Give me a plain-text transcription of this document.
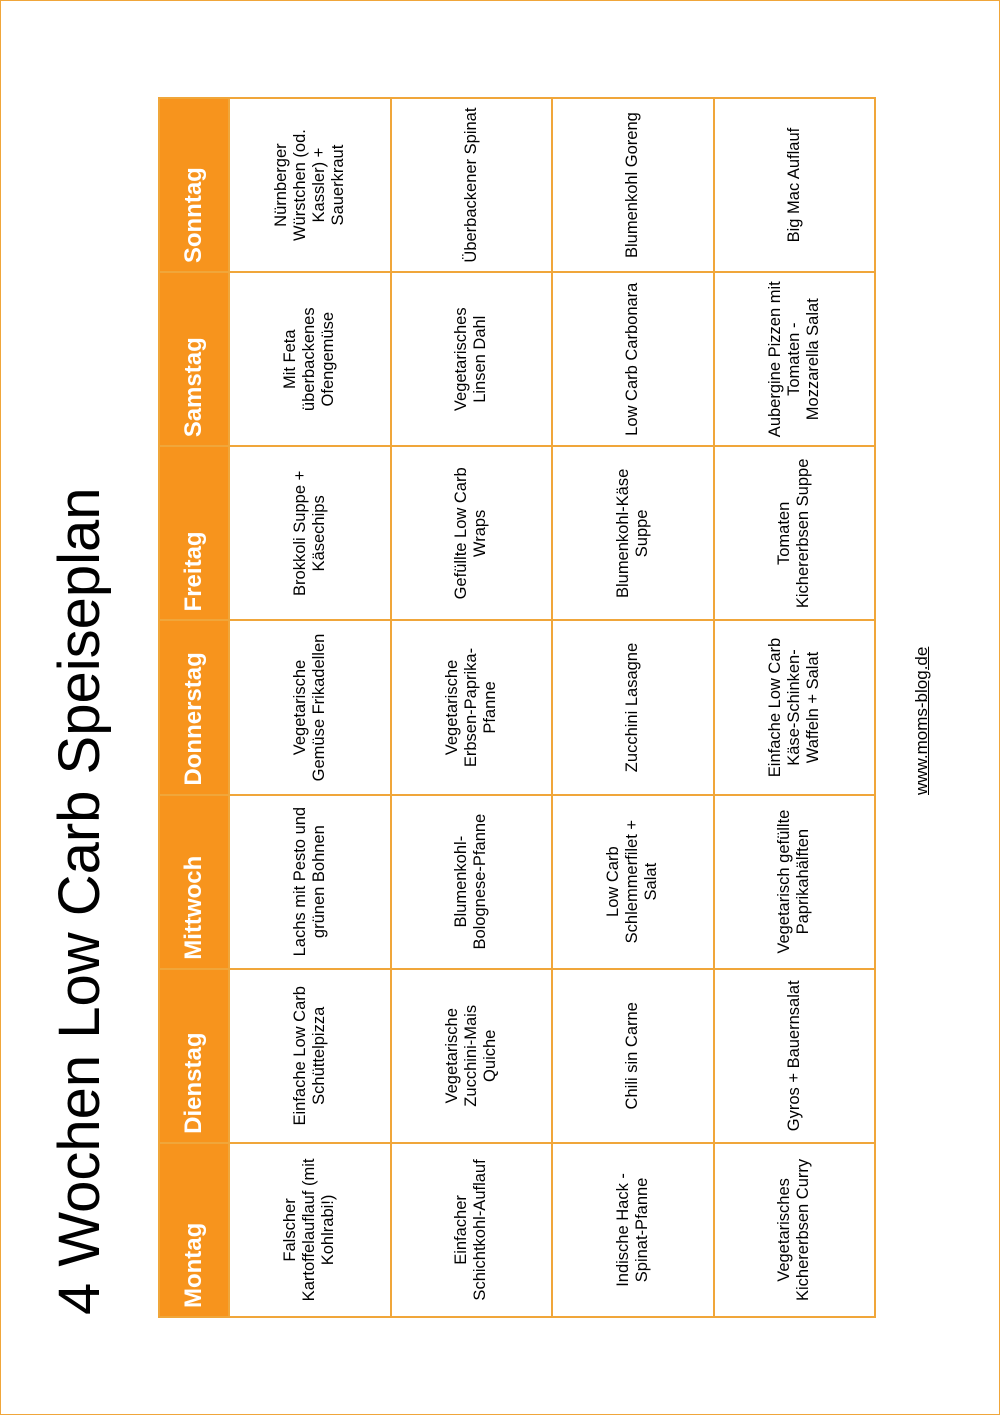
4 Wochen Low Carb Speiseplan	Montag	Dienstag	Mittwoch	Donnerstag	Freitag	Samstag	Sonntag
Falscher Kartoffelauflauf (mit Kohlrabi!)	Einfache Low Carb Schüttelpizza	Lachs mit Pesto und grünen Bohnen	Vegetarische Gemüse Frikadellen	Brokkoli Suppe + Käsechips	Mit Feta überbackenes Ofengemüse	Nürnberger Würstchen (od. Kassler) + Sauerkraut
Einfacher Schichtkohl-Auflauf	Vegetarische Zucchini-Mais Quiche	Blumenkohl-Bolognese-Pfanne	Vegetarische Erbsen-Paprika-Pfanne	Gefüllte Low Carb Wraps	Vegetarisches Linsen Dahl	Überbackener Spinat
Indische Hack - Spinat-Pfanne	Chili sin Carne	Low Carb Schlemmerfilet + Salat	Zucchini Lasagne	Blumenkohl-Käse Suppe	Low Carb Carbonara	Blumenkohl Goreng
Vegetarisches Kichererbsen Curry	Gyros + Bauernsalat	Vegetarisch gefüllte Paprikahälften	Einfache Low Carb Käse-Schinken-Waffeln + Salat	Tomaten Kichererbsen Suppe	Aubergine Pizzen mit Tomaten - Mozzarella Salat	Big Mac Auflauf
www.moms-blog.de
